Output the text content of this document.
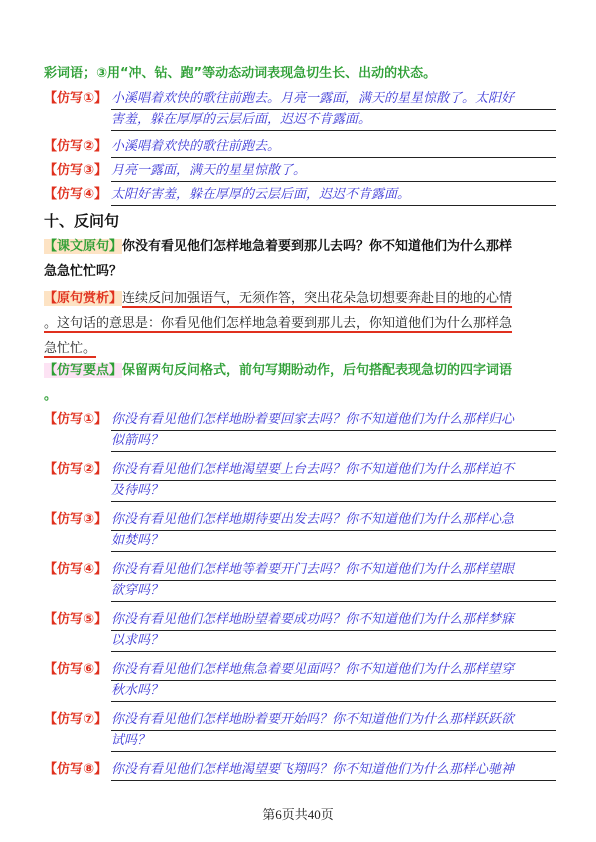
彩词语；③用“冲、钻、跑”等动态动词表现急切生长、出动的状态。
【仿写①】 小溪唱着欢快的歌往前跑去。月亮一露面，满天的星星惊散了。太阳好
害羞，躲在厚厚的云层后面，迟迟不肯露面。
【仿写②】 小溪唱着欢快的歌往前跑去。
【仿写③】 月亮一露面，满天的星星惊散了。
【仿写④】 太阳好害羞，躲在厚厚的云层后面，迟迟不肯露面。
十、反问句
【课文原句】你没有看见他们怎样地急着要到那儿去吗？你不知道他们为什么那样
急急忙忙吗？
【原句赏析】连续反问加强语气，无须作答，突出花朵急切想要奔赴目的地的心情
。这句话的意思是：你看见他们怎样地急着要到那儿去，你知道他们为什么那样急
急忙忙。
【仿写要点】保留两句反问格式，前句写期盼动作，后句搭配表现急切的四字词语
。
【仿写①】 你没有看见他们怎样地盼着要回家去吗？你不知道他们为什么那样归心
似箭吗？
【仿写②】 你没有看见他们怎样地渴望要上台去吗？你不知道他们为什么那样迫不
及待吗？
【仿写③】 你没有看见他们怎样地期待要出发去吗？你不知道他们为什么那样心急
如焚吗？
【仿写④】 你没有看见他们怎样地等着要开门去吗？你不知道他们为什么那样望眼
欲穿吗？
【仿写⑤】 你没有看见他们怎样地盼望着要成功吗？你不知道他们为什么那样梦寐
以求吗？
【仿写⑥】 你没有看见他们怎样地焦急着要见面吗？你不知道他们为什么那样望穿
秋水吗？
【仿写⑦】 你没有看见他们怎样地盼着要开始吗？你不知道他们为什么那样跃跃欲
试吗？
【仿写⑧】 你没有看见他们怎样地渴望要飞翔吗？你不知道他们为什么那样心驰神
第6页共40页
